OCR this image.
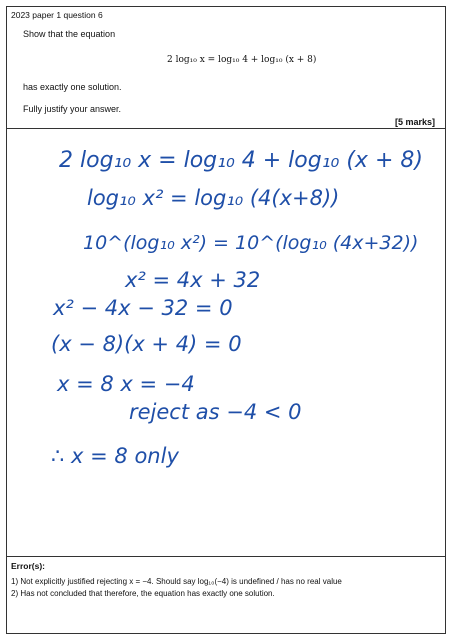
2023 paper 1 question 6
Show that the equation
2 log₁₀ x = log₁₀ 4 + log₁₀ (x + 8)
has exactly one solution.
Fully justify your answer.
[5 marks]
2 log₁₀ x = log₁₀ 4 + log₁₀ (x + 8)
log₁₀ x² = log₁₀ (4(x+8))
10^(log₁₀ x²) = 10^(log₁₀ (4x+32))
x² = 4x + 32
x² − 4x − 32 = 0
(x − 8)(x + 4) = 0
x = 8 x = −4
reject as −4 < 0
∴ x = 8 only
Error(s):
1) Not explicitly justified rejecting x = −4. Should say log₁₀(−4) is undefined / has no real value
2) Has not concluded that therefore, the equation has exactly one solution.
